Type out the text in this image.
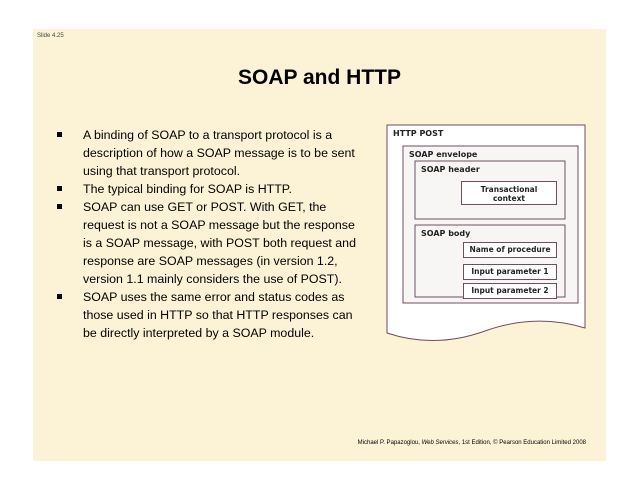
Slide 4.25
SOAP and HTTP
A binding of SOAP to a transport protocol is a description of how a SOAP message is to be sent using that transport protocol.
The typical binding for SOAP is HTTP.
SOAP can use GET or POST. With GET, the request is not a SOAP message but the response is a SOAP message, with POST both request and response are SOAP messages (in version 1.2, version 1.1 mainly considers the use of POST).
SOAP uses the same error and status codes as those used in HTTP so that HTTP responses can be directly interpreted by a SOAP module.
HTTP POST
SOAP envelope
SOAP header
Transactional context
SOAP body
Name of procedure
Input parameter 1
Input parameter 2
Michael P. Papazoglou, Web Services, 1st Edition, © Pearson Education Limited 2008
